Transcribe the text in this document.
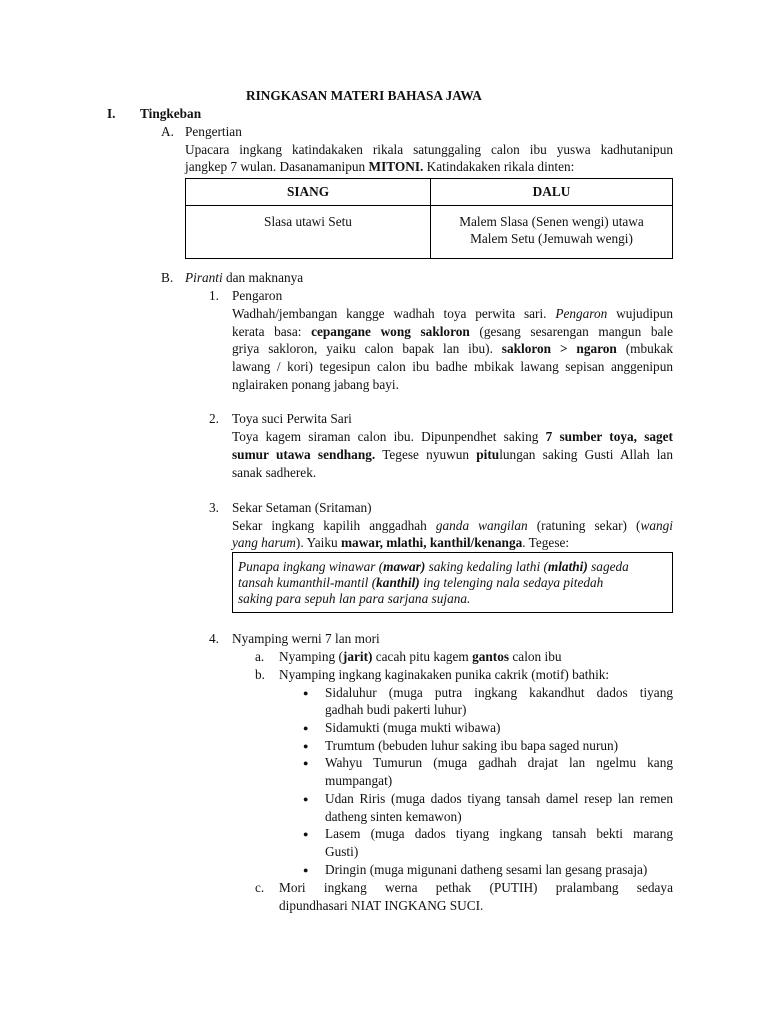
RINGKASAN MATERI BAHASA JAWA
I. Tingkeban
A. Pengertian
Upacara ingkang katindakaken rikala satunggaling calon ibu yuswa kadhutanipun
jangkep 7 wulan. Dasanamanipun MITONI. Katindakaken rikala dinten:
SIANG	DALU
Slasa utawi Setu	Malem Slasa (Senen wengi) utawa
Malem Setu (Jemuwah wengi)
B. Piranti dan maknanya
1. Pengaron
Wadhah/jembangan kangge wadhah toya perwita sari. Pengaron wujudipun
kerata basa: cepangane wong sakloron (gesang sesarengan mangun bale
griya sakloron, yaiku calon bapak lan ibu). sakloron > ngaron (mbukak
lawang / kori) tegesipun calon ibu badhe mbikak lawang sepisan anggenipun
nglairaken ponang jabang bayi.
2. Toya suci Perwita Sari
Toya kagem siraman calon ibu. Dipunpendhet saking 7 sumber toya, saget
sumur utawa sendhang. Tegese nyuwun pitulungan saking Gusti Allah lan
sanak sadherek.
3. Sekar Setaman (Sritaman)
Sekar ingkang kapilih anggadhah ganda wangilan (ratuning sekar) (wangi
yang harum). Yaiku mawar, mlathi, kanthil/kenanga. Tegese:
Punapa ingkang winawar (mawar) saking kedaling lathi (mlathi) sageda
tansah kumanthil-mantil (kanthil) ing telenging nala sedaya pitedah
saking para sepuh lan para sarjana sujana.
4. Nyamping werni 7 lan mori
a. Nyamping (jarit) cacah pitu kagem gantos calon ibu
b. Nyamping ingkang kaginakaken punika cakrik (motif) bathik:
● Sidaluhur (muga putra ingkang kakandhut dados tiyang
gadhah budi pakerti luhur)
● Sidamukti (muga mukti wibawa)
● Trumtum (bebuden luhur saking ibu bapa saged nurun)
● Wahyu Tumurun (muga gadhah drajat lan ngelmu kang
mumpangat)
● Udan Riris (muga dados tiyang tansah damel resep lan remen
datheng sinten kemawon)
● Lasem (muga dados tiyang ingkang tansah bekti marang
Gusti)
● Dringin (muga migunani datheng sesami lan gesang prasaja)
c. Mori ingkang werna pethak (PUTIH) pralambang sedaya
dipundhasari NIAT INGKANG SUCI.
